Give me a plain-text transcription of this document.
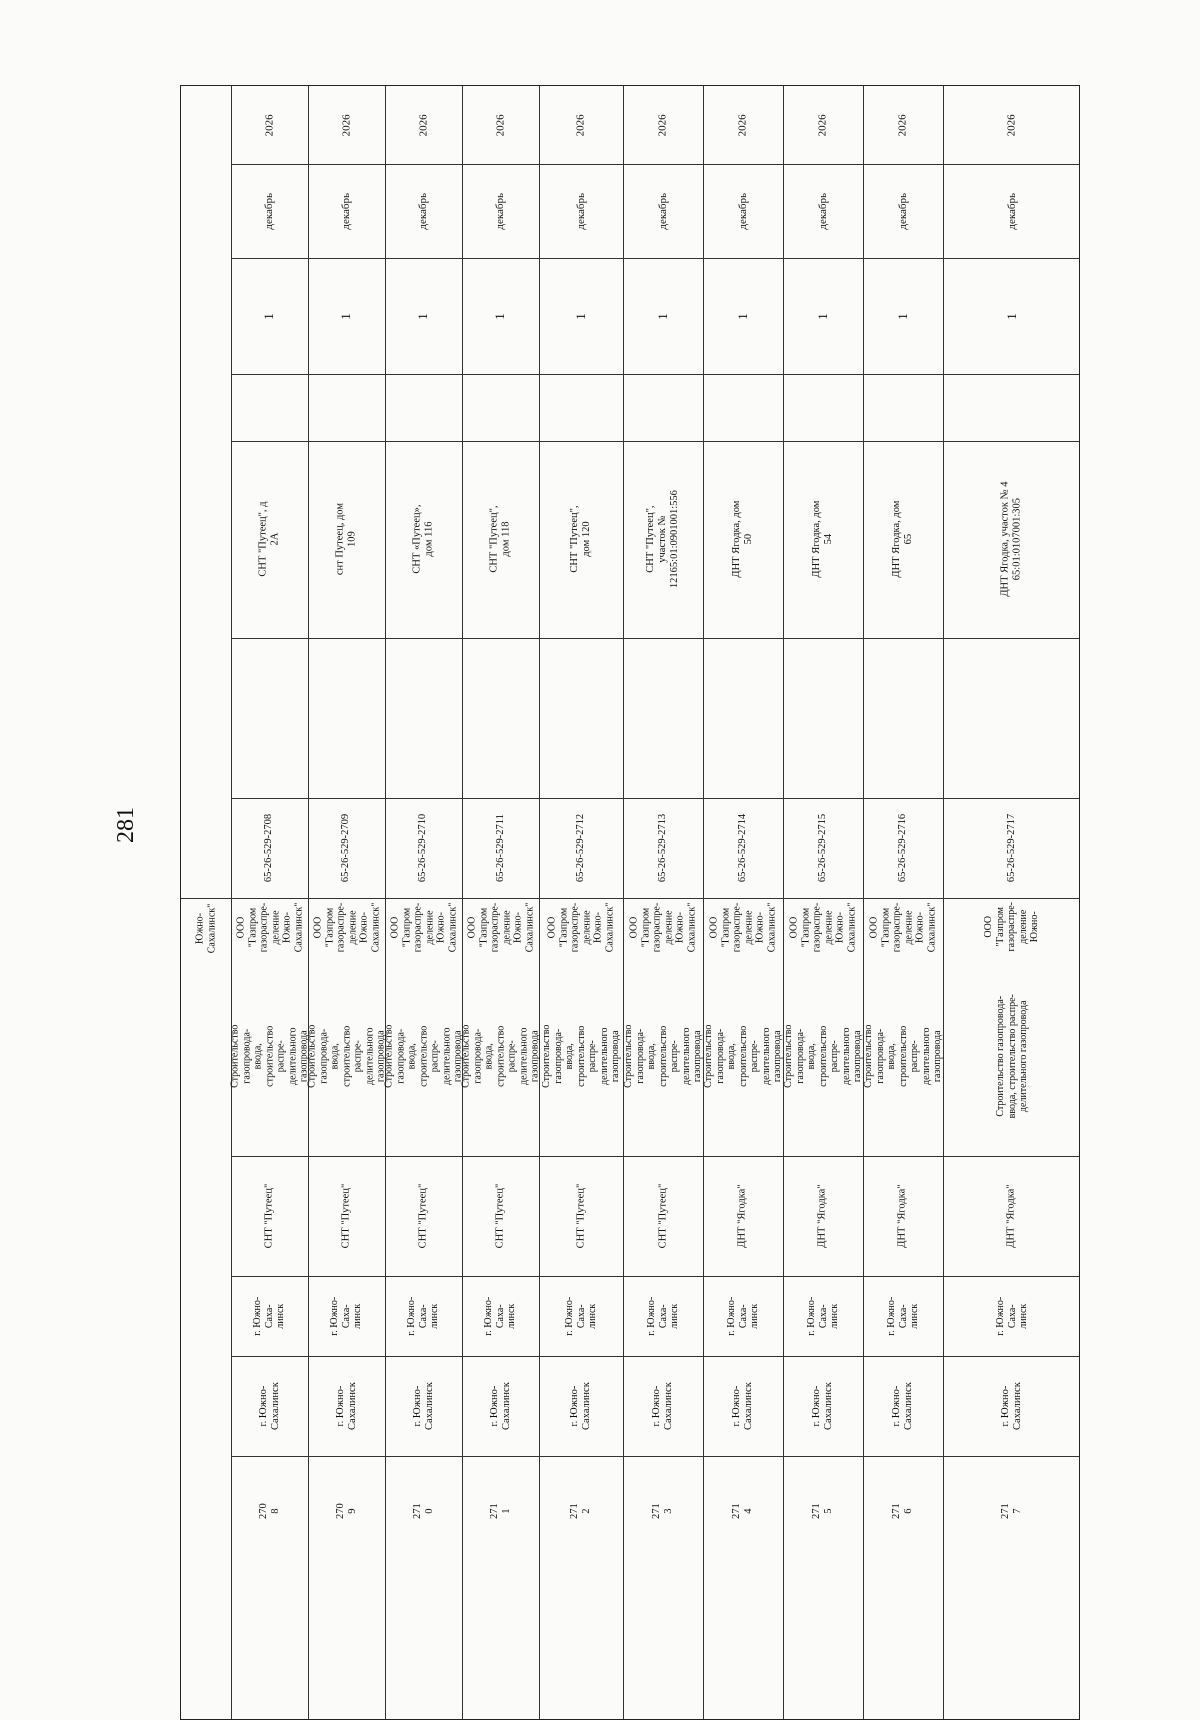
281
Южно-
Сахалинск"
2026
декабрь
1
СНТ "Путеец", д 2А
65-26-529-2708
ООО
"Газпром
газораспре-
деление
Южно-
Сахалинск"
Строительство газопровода-
ввода, строительство распре-
делительного газопровода
СНТ "Путеец"
г. Южно-
Саха-
линск
г. Южно-
Сахалинск
270
8
2026
декабрь
1
снт Путеец, дом 109
65-26-529-2709
ООО
"Газпром
газораспре-
деление
Южно-
Сахалинск"
Строительство газопровода-
ввода, строительство распре-
делительного газопровода
СНТ "Путеец"
г. Южно-
Саха-
линск
г. Южно-
Сахалинск
270
9
2026
декабрь
1
СНТ «Путеец», дом 116
65-26-529-2710
ООО
"Газпром
газораспре-
деление
Южно-
Сахалинск"
Строительство газопровода-
ввода, строительство распре-
делительного газопровода
СНТ "Путеец"
г. Южно-
Саха-
линск
г. Южно-
Сахалинск
271
0
2026
декабрь
1
СНТ "Путеец", дом 118
65-26-529-2711
ООО
"Газпром
газораспре-
деление
Южно-
Сахалинск"
Строительство газопровода-
ввода, строительство распре-
делительного газопровода
СНТ "Путеец"
г. Южно-
Саха-
линск
г. Южно-
Сахалинск
271
1
2026
декабрь
1
СНТ "Путеец", дом 120
65-26-529-2712
ООО
"Газпром
газораспре-
деление
Южно-
Сахалинск"
Строительство газопровода-
ввода, строительство распре-
делительного газопровода
СНТ "Путеец"
г. Южно-
Саха-
линск
г. Южно-
Сахалинск
271
2
2026
декабрь
1
СНТ "Путеец", участок №
12165:01:0901001:556
65-26-529-2713
ООО
"Газпром
газораспре-
деление
Южно-
Сахалинск"
Строительство газопровода-
ввода, строительство распре-
делительного газопровода
СНТ "Путеец"
г. Южно-
Саха-
линск
г. Южно-
Сахалинск
271
3
2026
декабрь
1
ДНТ Ягодка, дом 50
65-26-529-2714
ООО
"Газпром
газораспре-
деление
Южно-
Сахалинск"
Строительство газопровода-
ввода, строительство распре-
делительного газопровода
ДНТ "Ягодка"
г. Южно-
Саха-
линск
г. Южно-
Сахалинск
271
4
2026
декабрь
1
ДНТ Ягодка, дом 54
65-26-529-2715
ООО
"Газпром
газораспре-
деление
Южно-
Сахалинск"
Строительство газопровода-
ввода, строительство распре-
делительного газопровода
ДНТ "Ягодка"
г. Южно-
Саха-
линск
г. Южно-
Сахалинск
271
5
2026
декабрь
1
ДНТ Ягодка, дом 65
65-26-529-2716
ООО
"Газпром
газораспре-
деление
Южно-
Сахалинск"
Строительство газопровода-
ввода, строительство распре-
делительного газопровода
ДНТ "Ягодка"
г. Южно-
Саха-
линск
г. Южно-
Сахалинск
271
6
2026
декабрь
1
ДНТ Ягодка, участок № 4
65:01:0107001:305
65-26-529-2717
ООО
"Газпром
газораспре-
деление
Южно-
Строительство газопровода-
ввода, строительство распре-
делительного газопровода
ДНТ "Ягодка"
г. Южно-
Саха-
линск
г. Южно-
Сахалинск
271
7
